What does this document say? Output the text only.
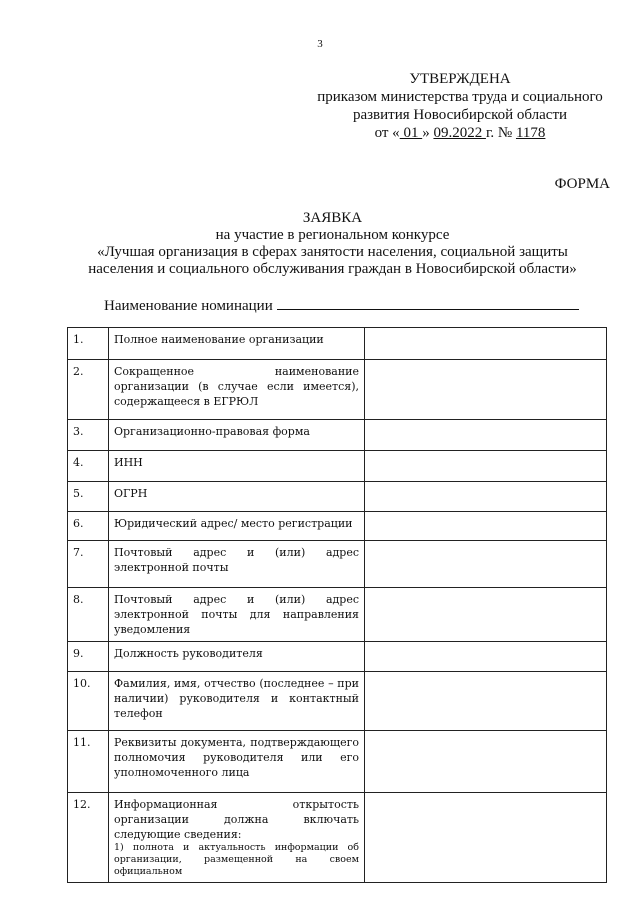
3
УТВЕРЖДЕНА
приказом министерства труда и социального
развития Новосибирской области
от « 01 » 09.2022 г. № 1178
ФОРМА
ЗАЯВКА
на участие в региональном конкурсе
«Лучшая организация в сферах занятости населения, социальной защиты
населения и социального обслуживания граждан в Новосибирской области»
Наименование номинации
1.	Полное наименование организации	
2.	Сокращенное наименование организации (в случае если имеется), содержащееся в ЕГРЮЛ	
3.	Организационно-правовая форма	
4.	ИНН	
5.	ОГРН	
6.	Юридический адрес/ место регистрации	
7.	Почтовый адрес и (или) адрес электронной почты	
8.	Почтовый адрес и (или) адрес электронной почты для направления уведомления	
9.	Должность руководителя	
10.	Фамилия, имя, отчество (последнее – при наличии) руководителя и контактный телефон	
11.	Реквизиты документа, подтверждающего полномочия руководителя или его уполномоченного лица	
12.	Информационная открытость организации должна включать следующие сведения:
1) полнота и актуальность информации об организации, размещенной на своем официальном	
